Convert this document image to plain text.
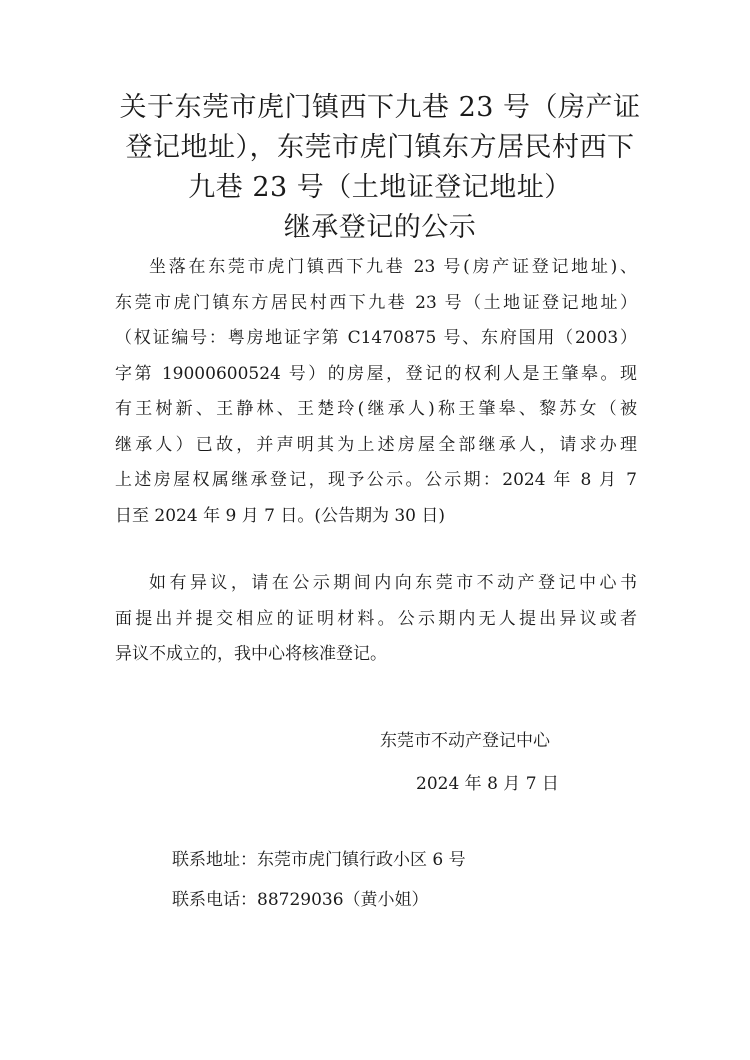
关于东莞市虎门镇西下九巷 23 号（房产证
登记地址），东莞市虎门镇东方居民村西下
九巷 23 号（土地证登记地址）
继承登记的公示
坐落在东莞市虎门镇西下九巷 23 号(房产证登记地址)、
东莞市虎门镇东方居民村西下九巷 23 号（土地证登记地址）
（权证编号：粤房地证字第 C1470875 号、东府国用（2003）
字第 19000600524 号）的房屋，登记的权利人是王肇皋。现
有王树新、王静林、王楚玲(继承人)称王肇皋、黎苏女（被
继承人）已故，并声明其为上述房屋全部继承人，请求办理
上述房屋权属继承登记，现予公示。公示期：2024 年 8 月 7
日至 2024 年 9 月 7 日。(公告期为 30 日)
如有异议，请在公示期间内向东莞市不动产登记中心书
面提出并提交相应的证明材料。公示期内无人提出异议或者
异议不成立的，我中心将核准登记。
东莞市不动产登记中心
2024 年 8 月 7 日
联系地址：东莞市虎门镇行政小区 6 号
联系电话：88729036（黄小姐）
